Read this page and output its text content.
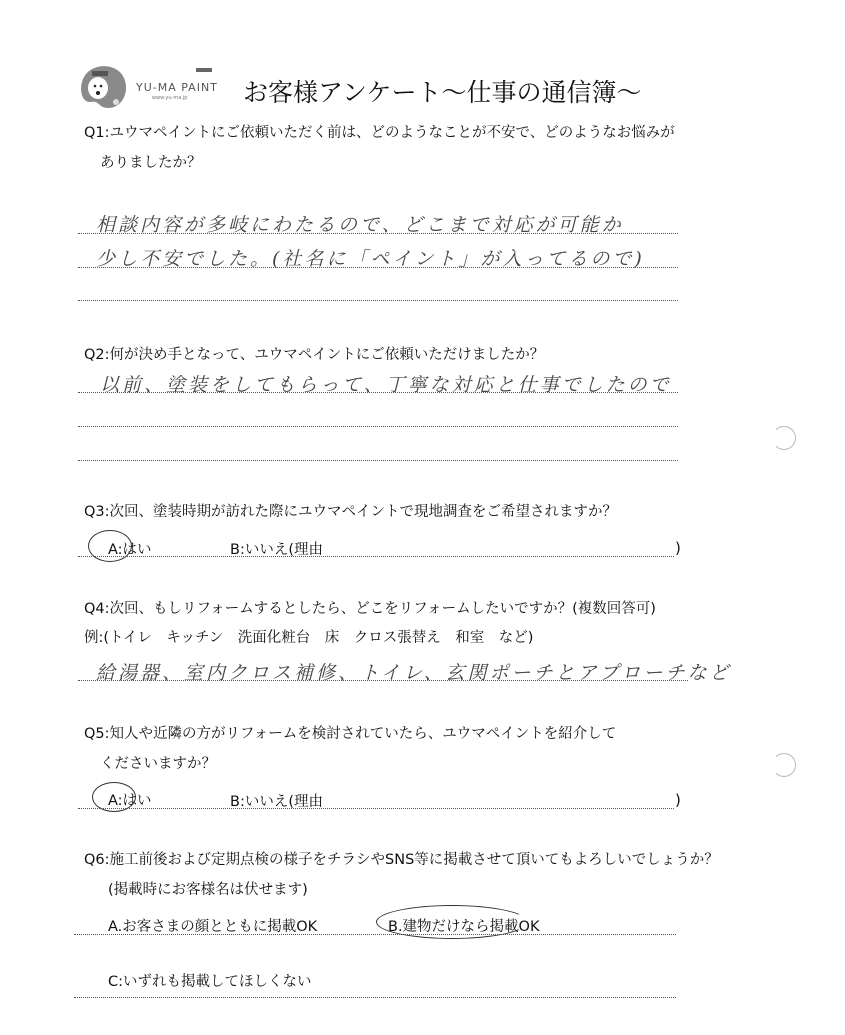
YU-MA PAINT
www.yu-ma.jp お客様アンケート～仕事の通信簿～
Q1:ユウマペイントにご依頼いただく前は、どのようなことが不安で、どのようなお悩みが
ありましたか？
相談内容が多岐にわたるので、どこまで対応が可能か
少し不安でした。(社名に「ペイント」が入ってるので)
Q2:何が決め手となって、ユウマペイントにご依頼いただけましたか？
以前、塗装をしてもらって、丁寧な対応と仕事でしたので
Q3:次回、塗装時期が訪れた際にユウマペイントで現地調査をご希望されますか？
A:はい	B:いいえ(理由	)
Q4:次回、もしリフォームするとしたら、どこをリフォームしたいですか？(複数回答可)
例:(トイレ　キッチン　洗面化粧台　床　クロス張替え　和室　など)
給湯器、室内クロス補修、トイレ、玄関ポーチとアプローチなど
Q5:知人や近隣の方がリフォームを検討されていたら、ユウマペイントを紹介して
くださいますか？
A:はい	B:いいえ(理由	)
Q6:施工前後および定期点検の様子をチラシやSNS等に掲載させて頂いてもよろしいでしょうか？
(掲載時にお客様名は伏せます)
A.お客さまの顔とともに掲載OK	B.建物だけなら掲載OK
C:いずれも掲載してほしくない
